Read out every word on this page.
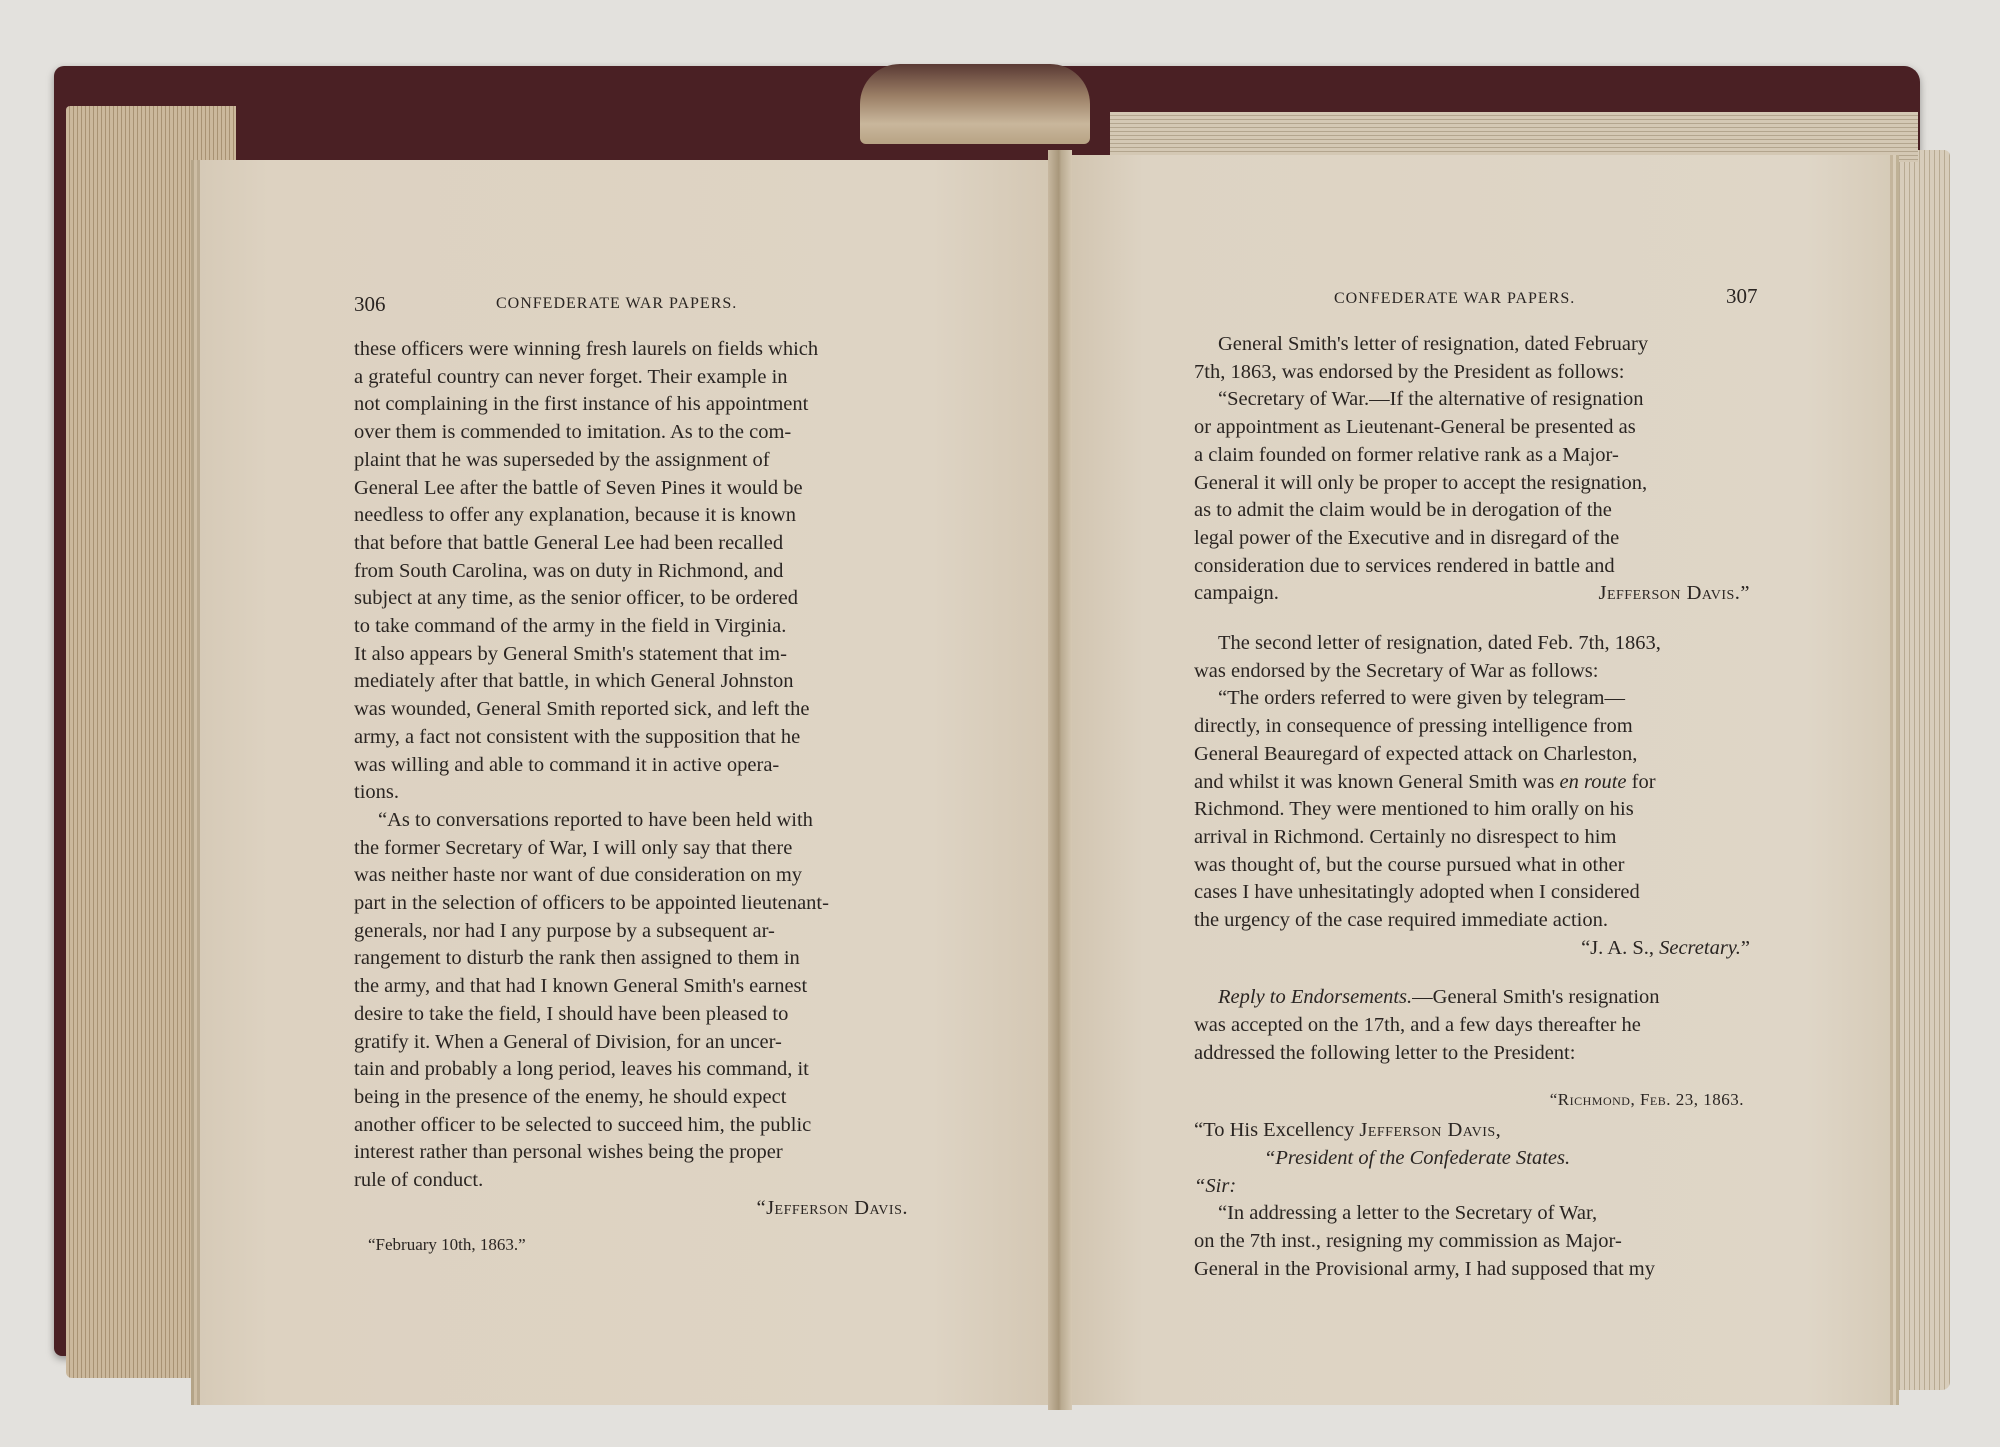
306	CONFEDERATE WAR PAPERS.

these officers were winning fresh laurels on fields which
a grateful country can never forget. Their example in
not complaining in the first instance of his appointment
over them is commended to imitation. As to the com-
plaint that he was superseded by the assignment of
General Lee after the battle of Seven Pines it would be
needless to offer any explanation, because it is known
that before that battle General Lee had been recalled
from South Carolina, was on duty in Richmond, and
subject at any time, as the senior officer, to be ordered
to take command of the army in the field in Virginia.
It also appears by General Smith's statement that im-
mediately after that battle, in which General Johnston
was wounded, General Smith reported sick, and left the
army, a fact not consistent with the supposition that he
was willing and able to command it in active opera-
tions.

“As to conversations reported to have been held with
the former Secretary of War, I will only say that there
was neither haste nor want of due consideration on my
part in the selection of officers to be appointed lieutenant-
generals, nor had I any purpose by a subsequent ar-
rangement to disturb the rank then assigned to them in
the army, and that had I known General Smith's earnest
desire to take the field, I should have been pleased to
gratify it. When a General of Division, for an uncer-
tain and probably a long period, leaves his command, it
being in the presence of the enemy, he should expect
another officer to be selected to succeed him, the public
interest rather than personal wishes being the proper
rule of conduct.

“Jefferson Davis.

“February 10th, 1863.”

CONFEDERATE WAR PAPERS.	307

General Smith's letter of resignation, dated February
7th, 1863, was endorsed by the President as follows:

“Secretary of War.—If the alternative of resignation
or appointment as Lieutenant-General be presented as
a claim founded on former relative rank as a Major-
General it will only be proper to accept the resignation,
as to admit the claim would be in derogation of the
legal power of the Executive and in disregard of the
consideration due to services rendered in battle and
campaign.	Jefferson Davis.”

The second letter of resignation, dated Feb. 7th, 1863,
was endorsed by the Secretary of War as follows:

“The orders referred to were given by telegram—
directly, in consequence of pressing intelligence from
General Beauregard of expected attack on Charleston,
and whilst it was known General Smith was en route for
Richmond. They were mentioned to him orally on his
arrival in Richmond. Certainly no disrespect to him
was thought of, but the course pursued what in other
cases I have unhesitatingly adopted when I considered
the urgency of the case required immediate action.
“J. A. S., Secretary.”

Reply to Endorsements.—General Smith's resignation
was accepted on the 17th, and a few days thereafter he
addressed the following letter to the President:

“Richmond, Feb. 23, 1863.

“To His Excellency Jefferson Davis,

“President of the Confederate States.

“Sir:

“In addressing a letter to the Secretary of War,
on the 7th inst., resigning my commission as Major-
General in the Provisional army, I had supposed that my
